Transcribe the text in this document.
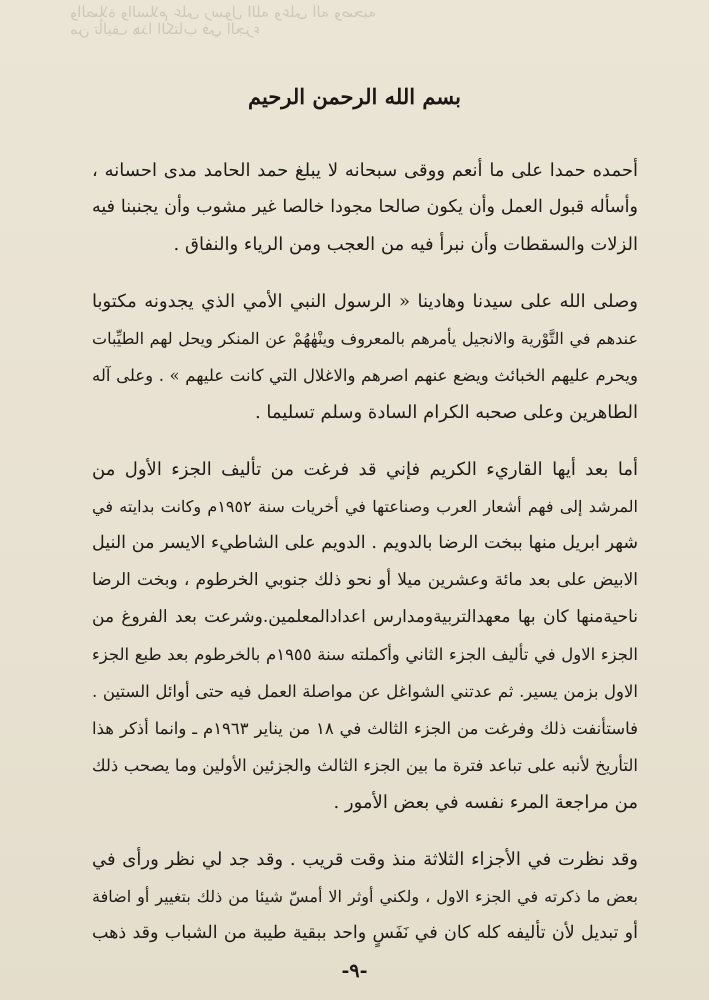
والصلاة والسلام على رسول الله وعلى آله وصحبه
من تأليف هذا الكتاب في الجزء
بسم الله الرحمن الرحيم
أحمده حمدا على ما أنعم ووقى سبحانه لا يبلغ حمد الحامد مدى احسانه ،
وأسأله قبول العمل وأن يكون صالحا مجودا خالصا غير مشوب وأن يجنبنا فيه
الزلات والسقطات وأن نبرأ فيه من العجب ومن الرياء والنفاق .
وصلى الله على سيدنا وهادينا « الرسول النبي الأمي الذي يجدونه مكتوبا
عندهم في التَّوْرية والانجيل يأمرهم بالمعروف وينْهٰهُمْ عن المنكر ويحل لهم الطيِّبات
ويحرم عليهم الخبائث ويضع عنهم اصرهم والاغلال التي كانت عليهم » . وعلى آله
الطاهرين وعلى صحبه الكرام السادة وسلم تسليما .
أما بعد أيها القاريء الكريم فإني قد فرغت من تأليف الجزء الأول من
المرشد إلى فهم أشعار العرب وصناعتها في أخريات سنة ١٩٥٢م وكانت بدايته في
شهر ابريل منها ببخت الرضا بالدويم . الدويم على الشاطيء الايسر من النيل
الابيض على بعد مائة وعشرين ميلا أو نحو ذلك جنوبي الخرطوم ، وبخت الرضا
ناحيةمنها كان بها معهدالتربيةومدارس اعدادالمعلمين.وشرعت بعد الفروغ من
الجزء الاول في تأليف الجزء الثاني وأكملته سنة ١٩٥٥م بالخرطوم بعد طبع الجزء
الاول بزمن يسير. ثم عدتني الشواغل عن مواصلة العمل فيه حتى أوائل الستين .
فاستأنفت ذلك وفرغت من الجزء الثالث في ١٨ من يناير ١٩٦٣م ـ وانما أذكر هذا
التأريخ لأنبه على تباعد فترة ما بين الجزء الثالث والجزئين الأولين وما يصحب ذلك
من مراجعة المرء نفسه في بعض الأمور .
وقد نظرت في الأجزاء الثلاثة منذ وقت قريب . وقد جد لي نظر ورأى في
بعض ما ذكرته في الجزء الاول ، ولكني أوثر الا أمسّ شيئا من ذلك بتغيير أو اضافة
أو تبديل لأن تأليفه كله كان في نَفَسٍ واحد ببقية طيبة من الشباب وقد ذهب
-٩-
